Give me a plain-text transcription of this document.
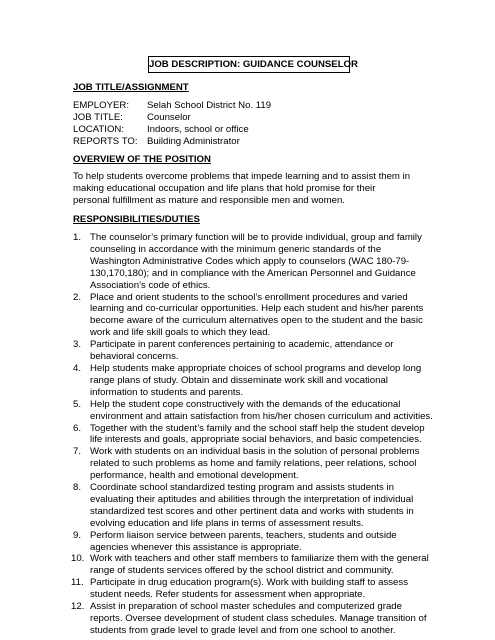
JOB DESCRIPTION: GUIDANCE COUNSELOR
JOB TITLE/ASSIGNMENT
EMPLOYER: Selah School District No. 119
JOB TITLE:	Counselor
LOCATION: Indoors, school or office
REPORTS TO: Building Administrator
OVERVIEW OF THE POSITION
To help students overcome problems that impede learning and to assist them in making educational occupation and life plans that hold promise for their personal fulfillment as mature and responsible men and women.
RESPONSIBILITIES/DUTIES
1. The counselor’s primary function will be to provide individual, group and family counseling in accordance with the minimum generic standards of the Washington Administrative Codes which apply to counselors (WAC 180-79-130,170,180); and in compliance with the American Personnel and Guidance Association’s code of ethics.
2. Place and orient students to the school’s enrollment procedures and varied learning and co-curricular opportunities. Help each student and his/her parents become aware of the curriculum alternatives open to the student and the basic work and life skill goals to which they lead.
3. Participate in parent conferences pertaining to academic, attendance or behavioral concerns.
4. Help students make appropriate choices of school programs and develop long range plans of study. Obtain and disseminate work skill and vocational information to students and parents.
5. Help the student cope constructively with the demands of the educational environment and attain satisfaction from his/her chosen curriculum and activities.
6. Together with the student’s family and the school staff help the student develop life interests and goals, appropriate social behaviors, and basic competencies.
7. Work with students on an individual basis in the solution of personal problems related to such problems as home and family relations, peer relations, school performance, health and emotional development.
8. Coordinate school standardized testing program and assists students in evaluating their aptitudes and abilities through the interpretation of individual standardized test scores and other pertinent data and works with students in evolving education and life plans in terms of assessment results.
9. Perform liaison service between parents, teachers, students and outside agencies whenever this assistance is appropriate.
10. Work with teachers and other staff members to familiarize them with the general range of students services offered by the school district and community.
11. Participate in drug education program(s). Work with building staff to assess student needs. Refer students for assessment when appropriate.
12. Assist in preparation of school master schedules and computerized grade reports. Oversee development of student class schedules. Manage transition of students from grade level to grade level and from one school to another.
